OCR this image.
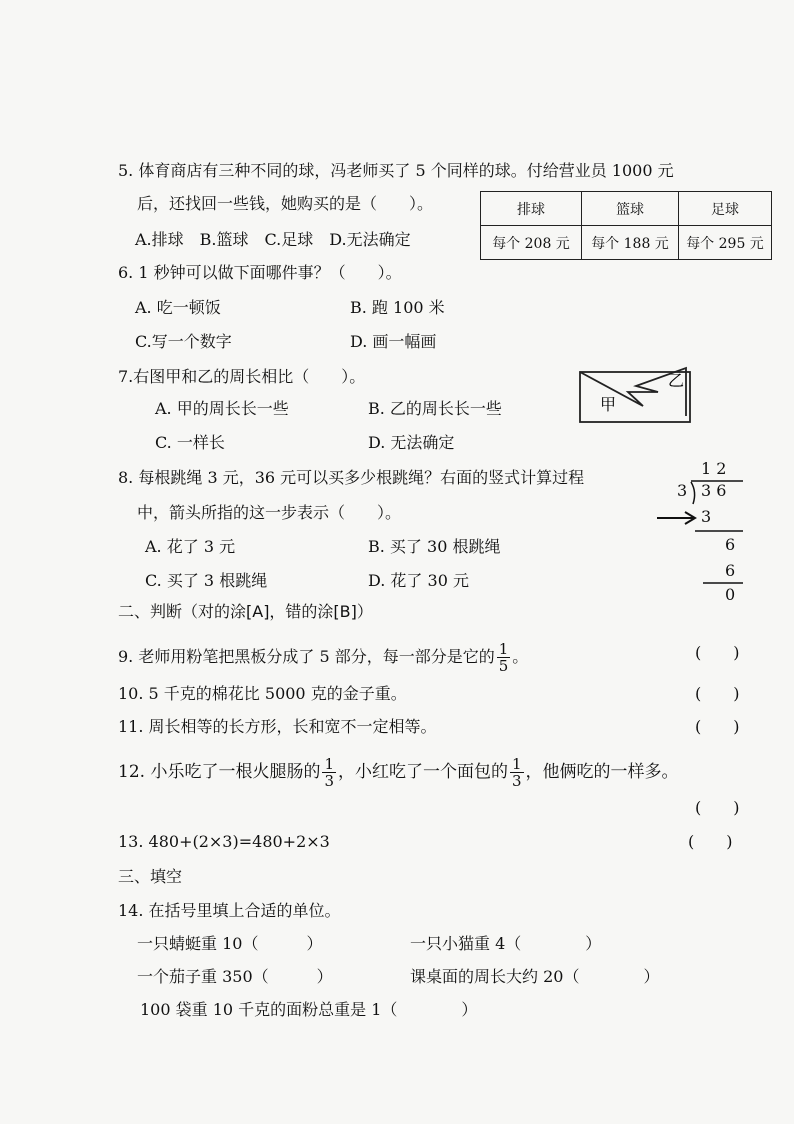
5. 体育商店有三种不同的球，冯老师买了 5 个同样的球。付给营业员 1000 元
后，还找回一些钱，她购买的是（　　）。
A.排球　B.篮球　C.足球　D.无法确定
排球	篮球	足球
每个 208 元	每个 188 元	每个 295 元
6. 1 秒钟可以做下面哪件事？（　　）。
A. 吃一顿饭	B. 跑 100 米
C.写一个数字	D. 画一幅画
7.右图甲和乙的周长相比（　　）。
A. 甲的周长长一些	B. 乙的周长长一些
C. 一样长	D. 无法确定
甲
乙
8. 每根跳绳 3 元，36 元可以买多少根跳绳？右面的竖式计算过程
中，箭头所指的这一步表示（　　）。
A. 花了 3 元	B. 买了 30 根跳绳
C. 买了 3 根跳绳	D. 花了 30 元
1 2
3 3 6
3
6
6
0
二、判断（对的涂[A]，错的涂[B]）
9. 老师用粉笔把黑板分成了 5 部分，每一部分是它的 $\frac{1}{5}$ 。	(　　)
10. 5 千克的棉花比 5000 克的金子重。	(　　)
11. 周长相等的长方形，长和宽不一定相等。	(　　)
12. 小乐吃了一根火腿肠的 $\frac{1}{3}$ ，小红吃了一个面包的 $\frac{1}{3}$ ，他俩吃的一样多。
(　　)
13. 480+(2×3)=480+2×3	(　　)
三、填空
14. 在括号里填上合适的单位。
一只蜻蜓重 10（　　　）	一只小猫重 4（　　　　）
一个茄子重 350（　　　）	课桌面的周长大约 20（　　　　）
100 袋重 10 千克的面粉总重是 1（　　　　）
